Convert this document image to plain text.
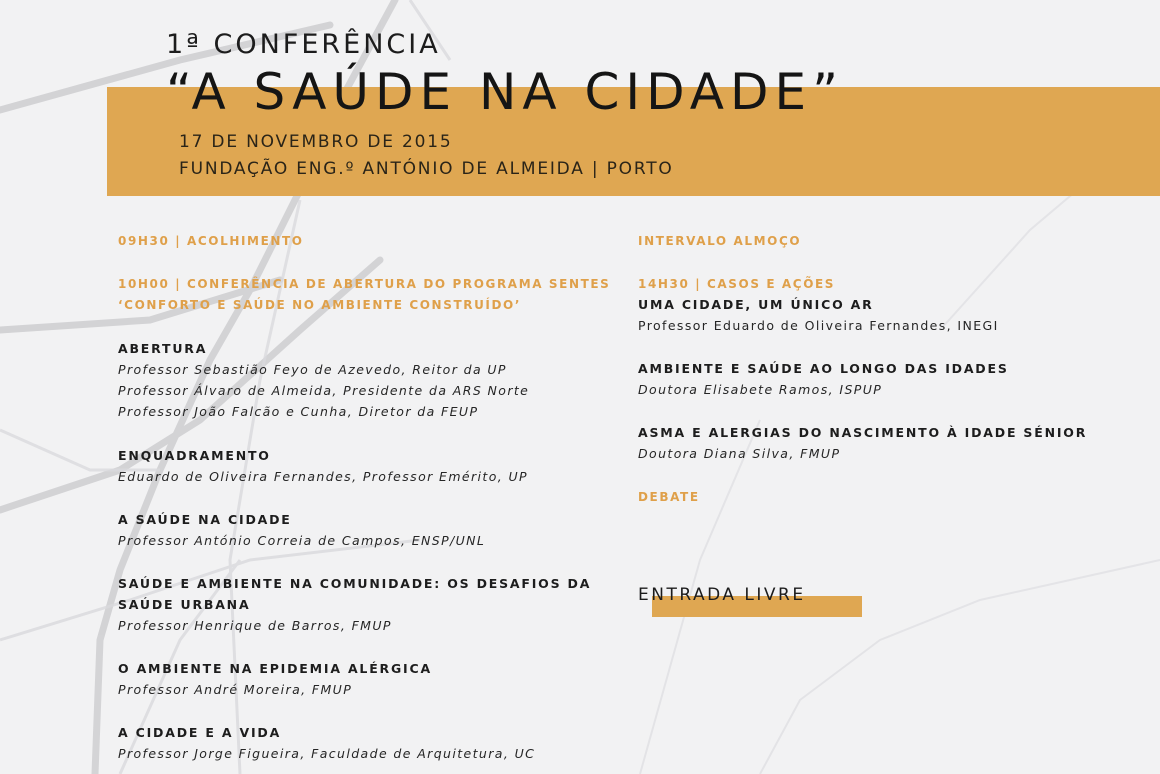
1ª CONFERÊNCIA
“A SAÚDE NA CIDADE”
17 DE NOVEMBRO DE 2015
FUNDAÇÃO ENG.º ANTÓNIO DE ALMEIDA | PORTO
09H30 | ACOLHIMENTO
10H00 | CONFERÊNCIA DE ABERTURA DO PROGRAMA SENTES
‘CONFORTO E SAÚDE NO AMBIENTE CONSTRUÍDO’
ABERTURA
Professor Sebastião Feyo de Azevedo, Reitor da UP
Professor Álvaro de Almeida, Presidente da ARS Norte
Professor João Falcão e Cunha, Diretor da FEUP
ENQUADRAMENTO
Eduardo de Oliveira Fernandes, Professor Emérito, UP
A SAÚDE NA CIDADE
Professor António Correia de Campos, ENSP/UNL
SAÚDE E AMBIENTE NA COMUNIDADE: OS DESAFIOS DA
SAÚDE URBANA
Professor Henrique de Barros, FMUP
O AMBIENTE NA EPIDEMIA ALÉRGICA
Professor André Moreira, FMUP
A CIDADE E A VIDA
Professor Jorge Figueira, Faculdade de Arquitetura, UC
INTERVALO ALMOÇO
14H30 | CASOS E AÇÕES
UMA CIDADE, UM ÚNICO AR
Professor Eduardo de Oliveira Fernandes, INEGI
AMBIENTE E SAÚDE AO LONGO DAS IDADES
Doutora Elisabete Ramos, ISPUP
ASMA E ALERGIAS DO NASCIMENTO À IDADE SÉNIOR
Doutora Diana Silva, FMUP
DEBATE
ENTRADA LIVRE
